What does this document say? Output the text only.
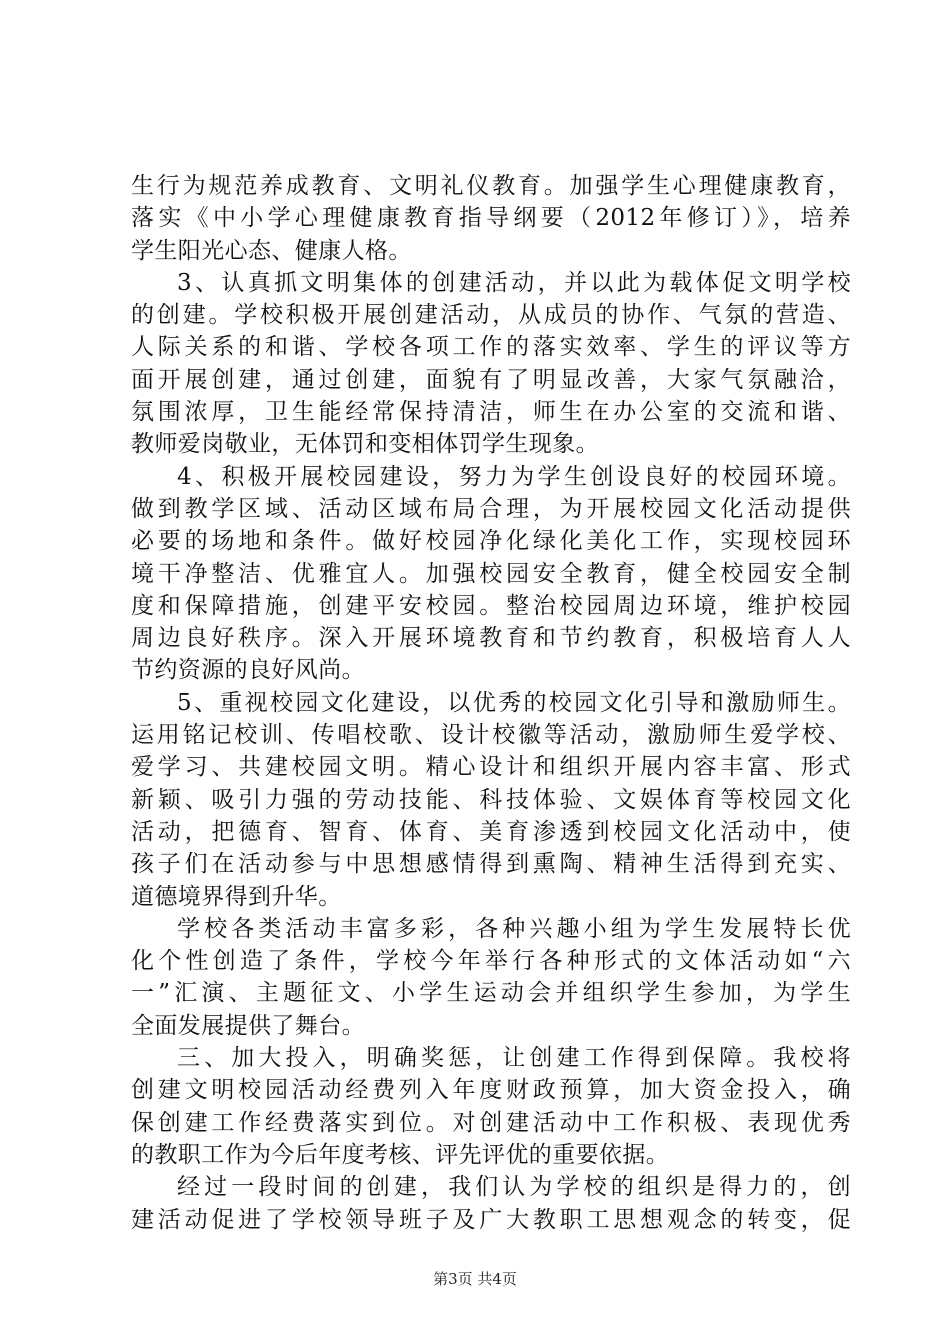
生行为规范养成教育、文明礼仪教育。加强学生心理健康教育，
落实《中小学心理健康教育指导纲要（2012年修订）》，培养
学生阳光心态、健康人格。
3、认真抓文明集体的创建活动，并以此为载体促文明学校
的创建。学校积极开展创建活动，从成员的协作、气氛的营造、
人际关系的和谐、学校各项工作的落实效率、学生的评议等方
面开展创建，通过创建，面貌有了明显改善，大家气氛融洽，
氛围浓厚，卫生能经常保持清洁，师生在办公室的交流和谐、
教师爱岗敬业，无体罚和变相体罚学生现象。
4、积极开展校园建设，努力为学生创设良好的校园环境。
做到教学区域、活动区域布局合理，为开展校园文化活动提供
必要的场地和条件。做好校园净化绿化美化工作，实现校园环
境干净整洁、优雅宜人。加强校园安全教育，健全校园安全制
度和保障措施，创建平安校园。整治校园周边环境，维护校园
周边良好秩序。深入开展环境教育和节约教育，积极培育人人
节约资源的良好风尚。
5、重视校园文化建设，以优秀的校园文化引导和激励师生。
运用铭记校训、传唱校歌、设计校徽等活动，激励师生爱学校、
爱学习、共建校园文明。精心设计和组织开展内容丰富、形式
新颖、吸引力强的劳动技能、科技体验、文娱体育等校园文化
活动，把德育、智育、体育、美育渗透到校园文化活动中，使
孩子们在活动参与中思想感情得到熏陶、精神生活得到充实、
道德境界得到升华。
学校各类活动丰富多彩，各种兴趣小组为学生发展特长优
化个性创造了条件，学校今年举行各种形式的文体活动如“六
一”汇演、主题征文、小学生运动会并组织学生参加，为学生
全面发展提供了舞台。
三、加大投入，明确奖惩，让创建工作得到保障。我校将
创建文明校园活动经费列入年度财政预算，加大资金投入，确
保创建工作经费落实到位。对创建活动中工作积极、表现优秀
的教职工作为今后年度考核、评先评优的重要依据。
经过一段时间的创建，我们认为学校的组织是得力的，创
建活动促进了学校领导班子及广大教职工思想观念的转变，促
第3页 共4页
